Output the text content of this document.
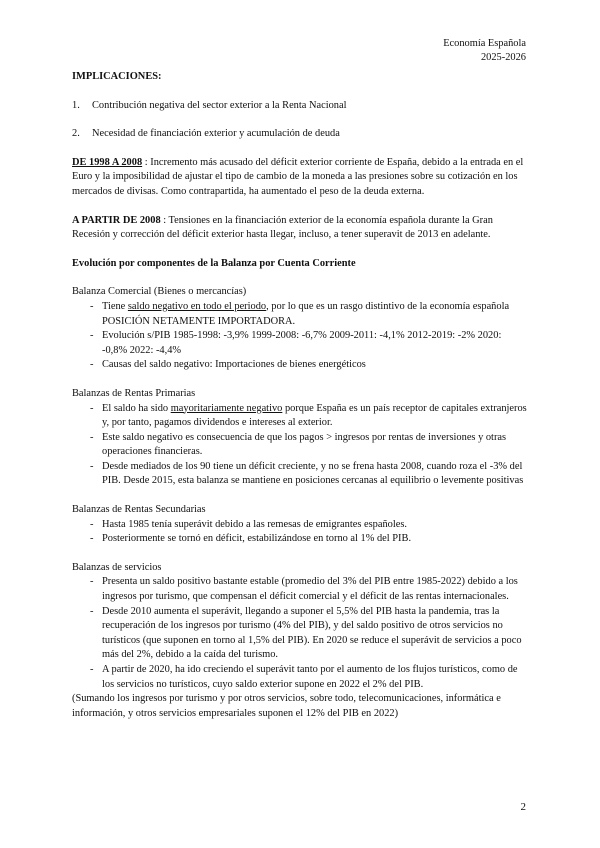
Economía Española
2025-2026
IMPLICACIONES:
1. Contribución negativa del sector exterior a la Renta Nacional
2. Necesidad de financiación exterior y acumulación de deuda

DE 1998 A 2008 : Incremento más acusado del déficit exterior corriente de España, debido a la entrada en el Euro y la imposibilidad de ajustar el tipo de cambio de la moneda a las presiones sobre su cotización en los mercados de divisas. Como contrapartida, ha aumentado el peso de la deuda externa.

A PARTIR DE 2008 : Tensiones en la financiación exterior de la economía española durante la Gran Recesión y corrección del déficit exterior hasta llegar, incluso, a tener superavit de 2013 en adelante.

Evolución por componentes de la Balanza por Cuenta Corriente
Balanza Comercial (Bienes o mercancías)
- Tiene saldo negativo en todo el periodo, por lo que es un rasgo distintivo de la economía española POSICIÓN NETAMENTE IMPORTADORA.
- Evolución s/PIB 1985-1998: -3,9% 1999-2008: -6,7% 2009-2011: -4,1% 2012-2019: -2% 2020: -0,8% 2022: -4,4%
- Causas del saldo negativo: Importaciones de bienes energéticos
Balanzas de Rentas Primarias
- El saldo ha sido mayoritariamente negativo porque España es un país receptor de capitales extranjeros y, por tanto, pagamos dividendos e intereses al exterior.
- Este saldo negativo es consecuencia de que los pagos > ingresos por rentas de inversiones y otras operaciones financieras.
- Desde mediados de los 90 tiene un déficit creciente, y no se frena hasta 2008, cuando roza el -3% del PIB. Desde 2015, esta balanza se mantiene en posiciones cercanas al equilibrio o levemente positivas
Balanzas de Rentas Secundarias
- Hasta 1985 tenía superávit debido a las remesas de emigrantes españoles.
- Posteriormente se tornó en déficit, estabilizándose en torno al 1% del PIB.
Balanzas de servicios
- Presenta un saldo positivo bastante estable (promedio del 3% del PIB entre 1985-2022) debido a los ingresos por turismo, que compensan el déficit comercial y el déficit de las rentas internacionales.
- Desde 2010 aumenta el superávit, llegando a suponer el 5,5% del PIB hasta la pandemia, tras la recuperación de los ingresos por turismo (4% del PIB), y del saldo positivo de otros servicios no turísticos (que suponen en torno al 1,5% del PIB). En 2020 se reduce el superávit de servicios a poco más del 2%, debido a la caída del turismo.
- A partir de 2020, ha ido creciendo el superávit tanto por el aumento de los flujos turísticos, como de los servicios no turísticos, cuyo saldo exterior supone en 2022 el 2% del PIB.
(Sumando los ingresos por turismo y por otros servicios, sobre todo, telecomunicaciones, informática e información, y otros servicios empresariales suponen el 12% del PIB en 2022)
2
